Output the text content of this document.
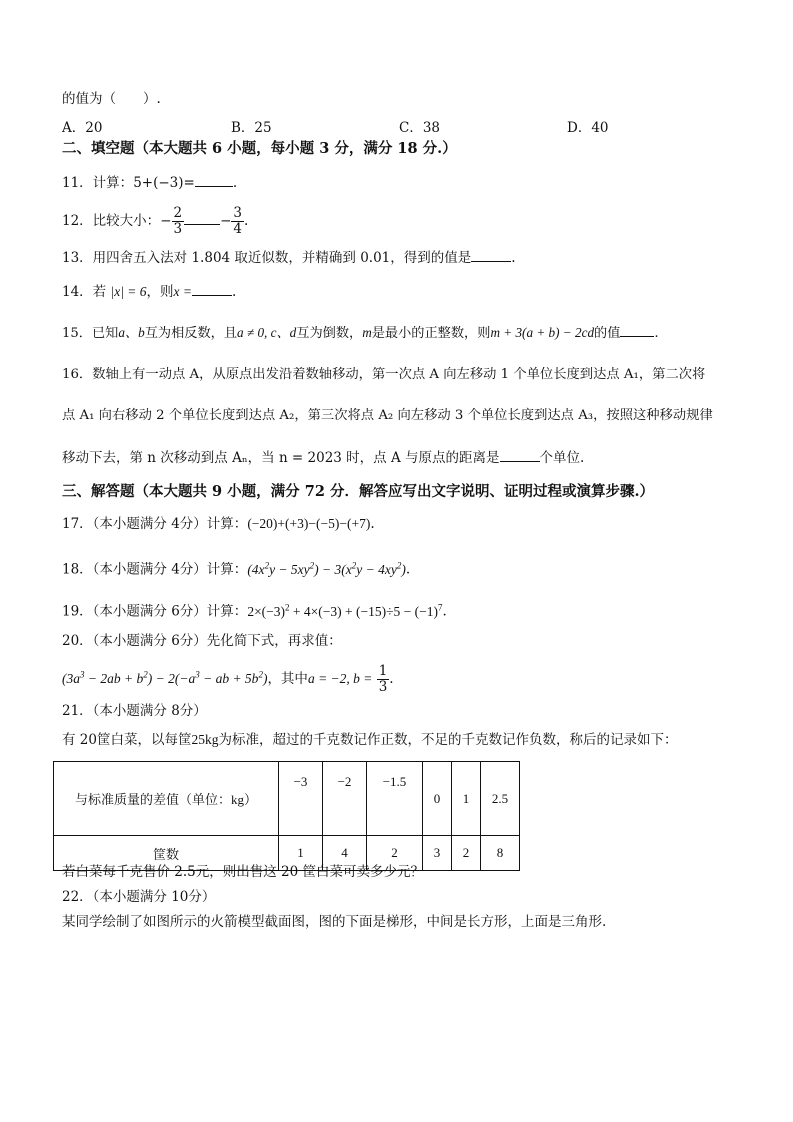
的值为（　　）.
A．20	B．25	C．38	D．40
二、填空题（本大题共 6 小题，每小题 3 分，满分 18 分.）
11．计算：5+(−3)=	.
12．比较大小：− $\frac{2}{3}$	− $\frac{3}{4}$ .
13．用四舍五入法对 1.804 取近似数，并精确到 0.01，得到的值是	.
14．若 |x| = 6，则x =	.
15．已知a、b互为相反数，且a ≠ 0, c、d互为倒数，m是最小的正整数，则m + 3(a + b) − 2cd的值	.
16．数轴上有一动点 A，从原点出发沿着数轴移动，第一次点 A 向左移动 1 个单位长度到达点 A₁，第二次将
点 A₁ 向右移动 2 个单位长度到达点 A₂，第三次将点 A₂ 向左移动 3 个单位长度到达点 A₃，按照这种移动规律
移动下去，第 n 次移动到点 Aₙ，当 n = 2023 时，点 A 与原点的距离是	个单位.
三、解答题（本大题共 9 小题，满分 72 分．解答应写出文字说明、证明过程或演算步骤.）
17．（本小题满分 4分）计算：(−20)+(+3)−(−5)−(+7).
18．（本小题满分 4分）计算：$(4x^2y - 5xy^2) - 3(x^2y - 4xy^2)$.
19．（本小题满分 6分）计算：$2\times(-3)^2 + 4\times(-3) + (-15)\div 5 - (-1)^7$.
20．（本小题满分 6分）先化简下式，再求值：
$(3a^3 - 2ab + b^2) - 2(-a^3$ − ab + $5b^2$)，其中a = −2, $b = \frac{1}{3}$ .
21．（本小题满分 8分）
有 20筐白菜，以每筐25kg为标准，超过的千克数记作正数，不足的千克数记作负数，称后的记录如下：
与标准质量的差值（单位：kg）	−3	−2	−1.5	0	1	2.5
筐数	1	4	2	3	2	8
若白菜每千克售价 2.5元，则出售这 20 筐白菜可卖多少元？
22．（本小题满分 10分）
某同学绘制了如图所示的火箭模型截面图，图的下面是梯形，中间是长方形，上面是三角形.
